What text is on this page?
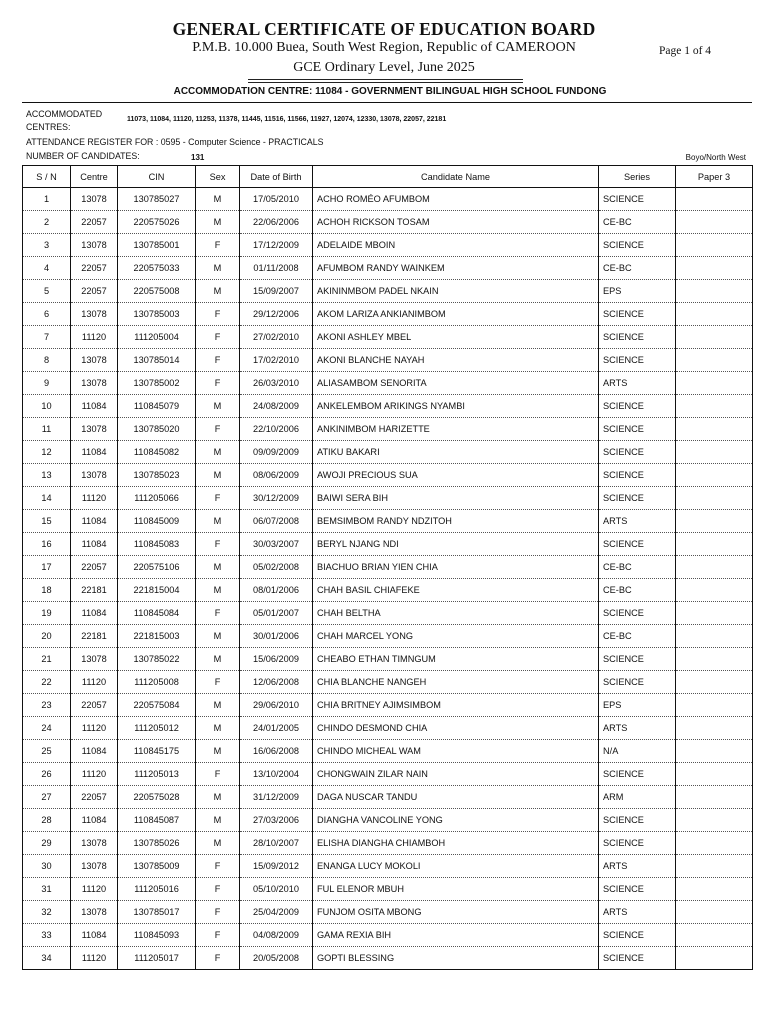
GENERAL CERTIFICATE OF EDUCATION BOARD
P.M.B. 10.000 Buea, South West Region, Republic of CAMEROON
GCE Ordinary Level, June 2025
Page 1 of 4
ACCOMMODATION CENTRE: 11084 - GOVERNMENT BILINGUAL HIGH SCHOOL FUNDONG
ACCOMMODATED
CENTRES:
11073, 11084, 11120, 11253, 11378, 11445, 11516, 11566, 11927, 12074, 12330, 13078, 22057, 22181
ATTENDANCE REGISTER FOR : 0595 - Computer Science - PRACTICALS
NUMBER OF CANDIDATES:	131	Boyo/North West
S / N	Centre	CIN	Sex	Date of Birth	Candidate Name	Series	Paper 3
1	13078	130785027	M	17/05/2010	ACHO ROMÉO AFUMBOM	SCIENCE	
2	22057	220575026	M	22/06/2006	ACHOH RICKSON TOSAM	CE-BC	
3	13078	130785001	F	17/12/2009	ADELAIDE MBOIN	SCIENCE	
4	22057	220575033	M	01/11/2008	AFUMBOM RANDY WAINKEM	CE-BC	
5	22057	220575008	M	15/09/2007	AKININMBOM PADEL NKAIN	EPS	
6	13078	130785003	F	29/12/2006	AKOM LARIZA ANKIANIMBOM	SCIENCE	
7	11120	111205004	F	27/02/2010	AKONI ASHLEY MBEL	SCIENCE	
8	13078	130785014	F	17/02/2010	AKONI BLANCHE NAYAH	SCIENCE	
9	13078	130785002	F	26/03/2010	ALIASAMBOM SENORITA	ARTS	
10	11084	110845079	M	24/08/2009	ANKELEMBOM ARIKINGS NYAMBI	SCIENCE	
11	13078	130785020	F	22/10/2006	ANKINIMBOM HARIZETTE	SCIENCE	
12	11084	110845082	M	09/09/2009	ATIKU BAKARI	SCIENCE	
13	13078	130785023	M	08/06/2009	AWOJI PRECIOUS SUA	SCIENCE	
14	11120	111205066	F	30/12/2009	BAIWI SERA BIH	SCIENCE	
15	11084	110845009	M	06/07/2008	BEMSIMBOM RANDY NDZITOH	ARTS	
16	11084	110845083	F	30/03/2007	BERYL NJANG NDI	SCIENCE	
17	22057	220575106	M	05/02/2008	BIACHUO BRIAN YIEN CHIA	CE-BC	
18	22181	221815004	M	08/01/2006	CHAH BASIL CHIAFEKE	CE-BC	
19	11084	110845084	F	05/01/2007	CHAH BELTHA	SCIENCE	
20	22181	221815003	M	30/01/2006	CHAH MARCEL YONG	CE-BC	
21	13078	130785022	M	15/06/2009	CHEABO ETHAN TIMNGUM	SCIENCE	
22	11120	111205008	F	12/06/2008	CHIA BLANCHE NANGEH	SCIENCE	
23	22057	220575084	M	29/06/2010	CHIA BRITNEY AJIMSIMBOM	EPS	
24	11120	111205012	M	24/01/2005	CHINDO DESMOND CHIA	ARTS	
25	11084	110845175	M	16/06/2008	CHINDO MICHEAL WAM	N/A	
26	11120	111205013	F	13/10/2004	CHONGWAIN ZILAR NAIN	SCIENCE	
27	22057	220575028	M	31/12/2009	DAGA NUSCAR TANDU	ARM	
28	11084	110845087	M	27/03/2006	DIANGHA VANCOLINE YONG	SCIENCE	
29	13078	130785026	M	28/10/2007	ELISHA DIANGHA CHIAMBOH	SCIENCE	
30	13078	130785009	F	15/09/2012	ENANGA LUCY MOKOLI	ARTS	
31	11120	111205016	F	05/10/2010	FUL ELENOR MBUH	SCIENCE	
32	13078	130785017	F	25/04/2009	FUNJOM OSITA MBONG	ARTS	
33	11084	110845093	F	04/08/2009	GAMA REXIA BIH	SCIENCE	
34	11120	111205017	F	20/05/2008	GOPTI BLESSING	SCIENCE	
